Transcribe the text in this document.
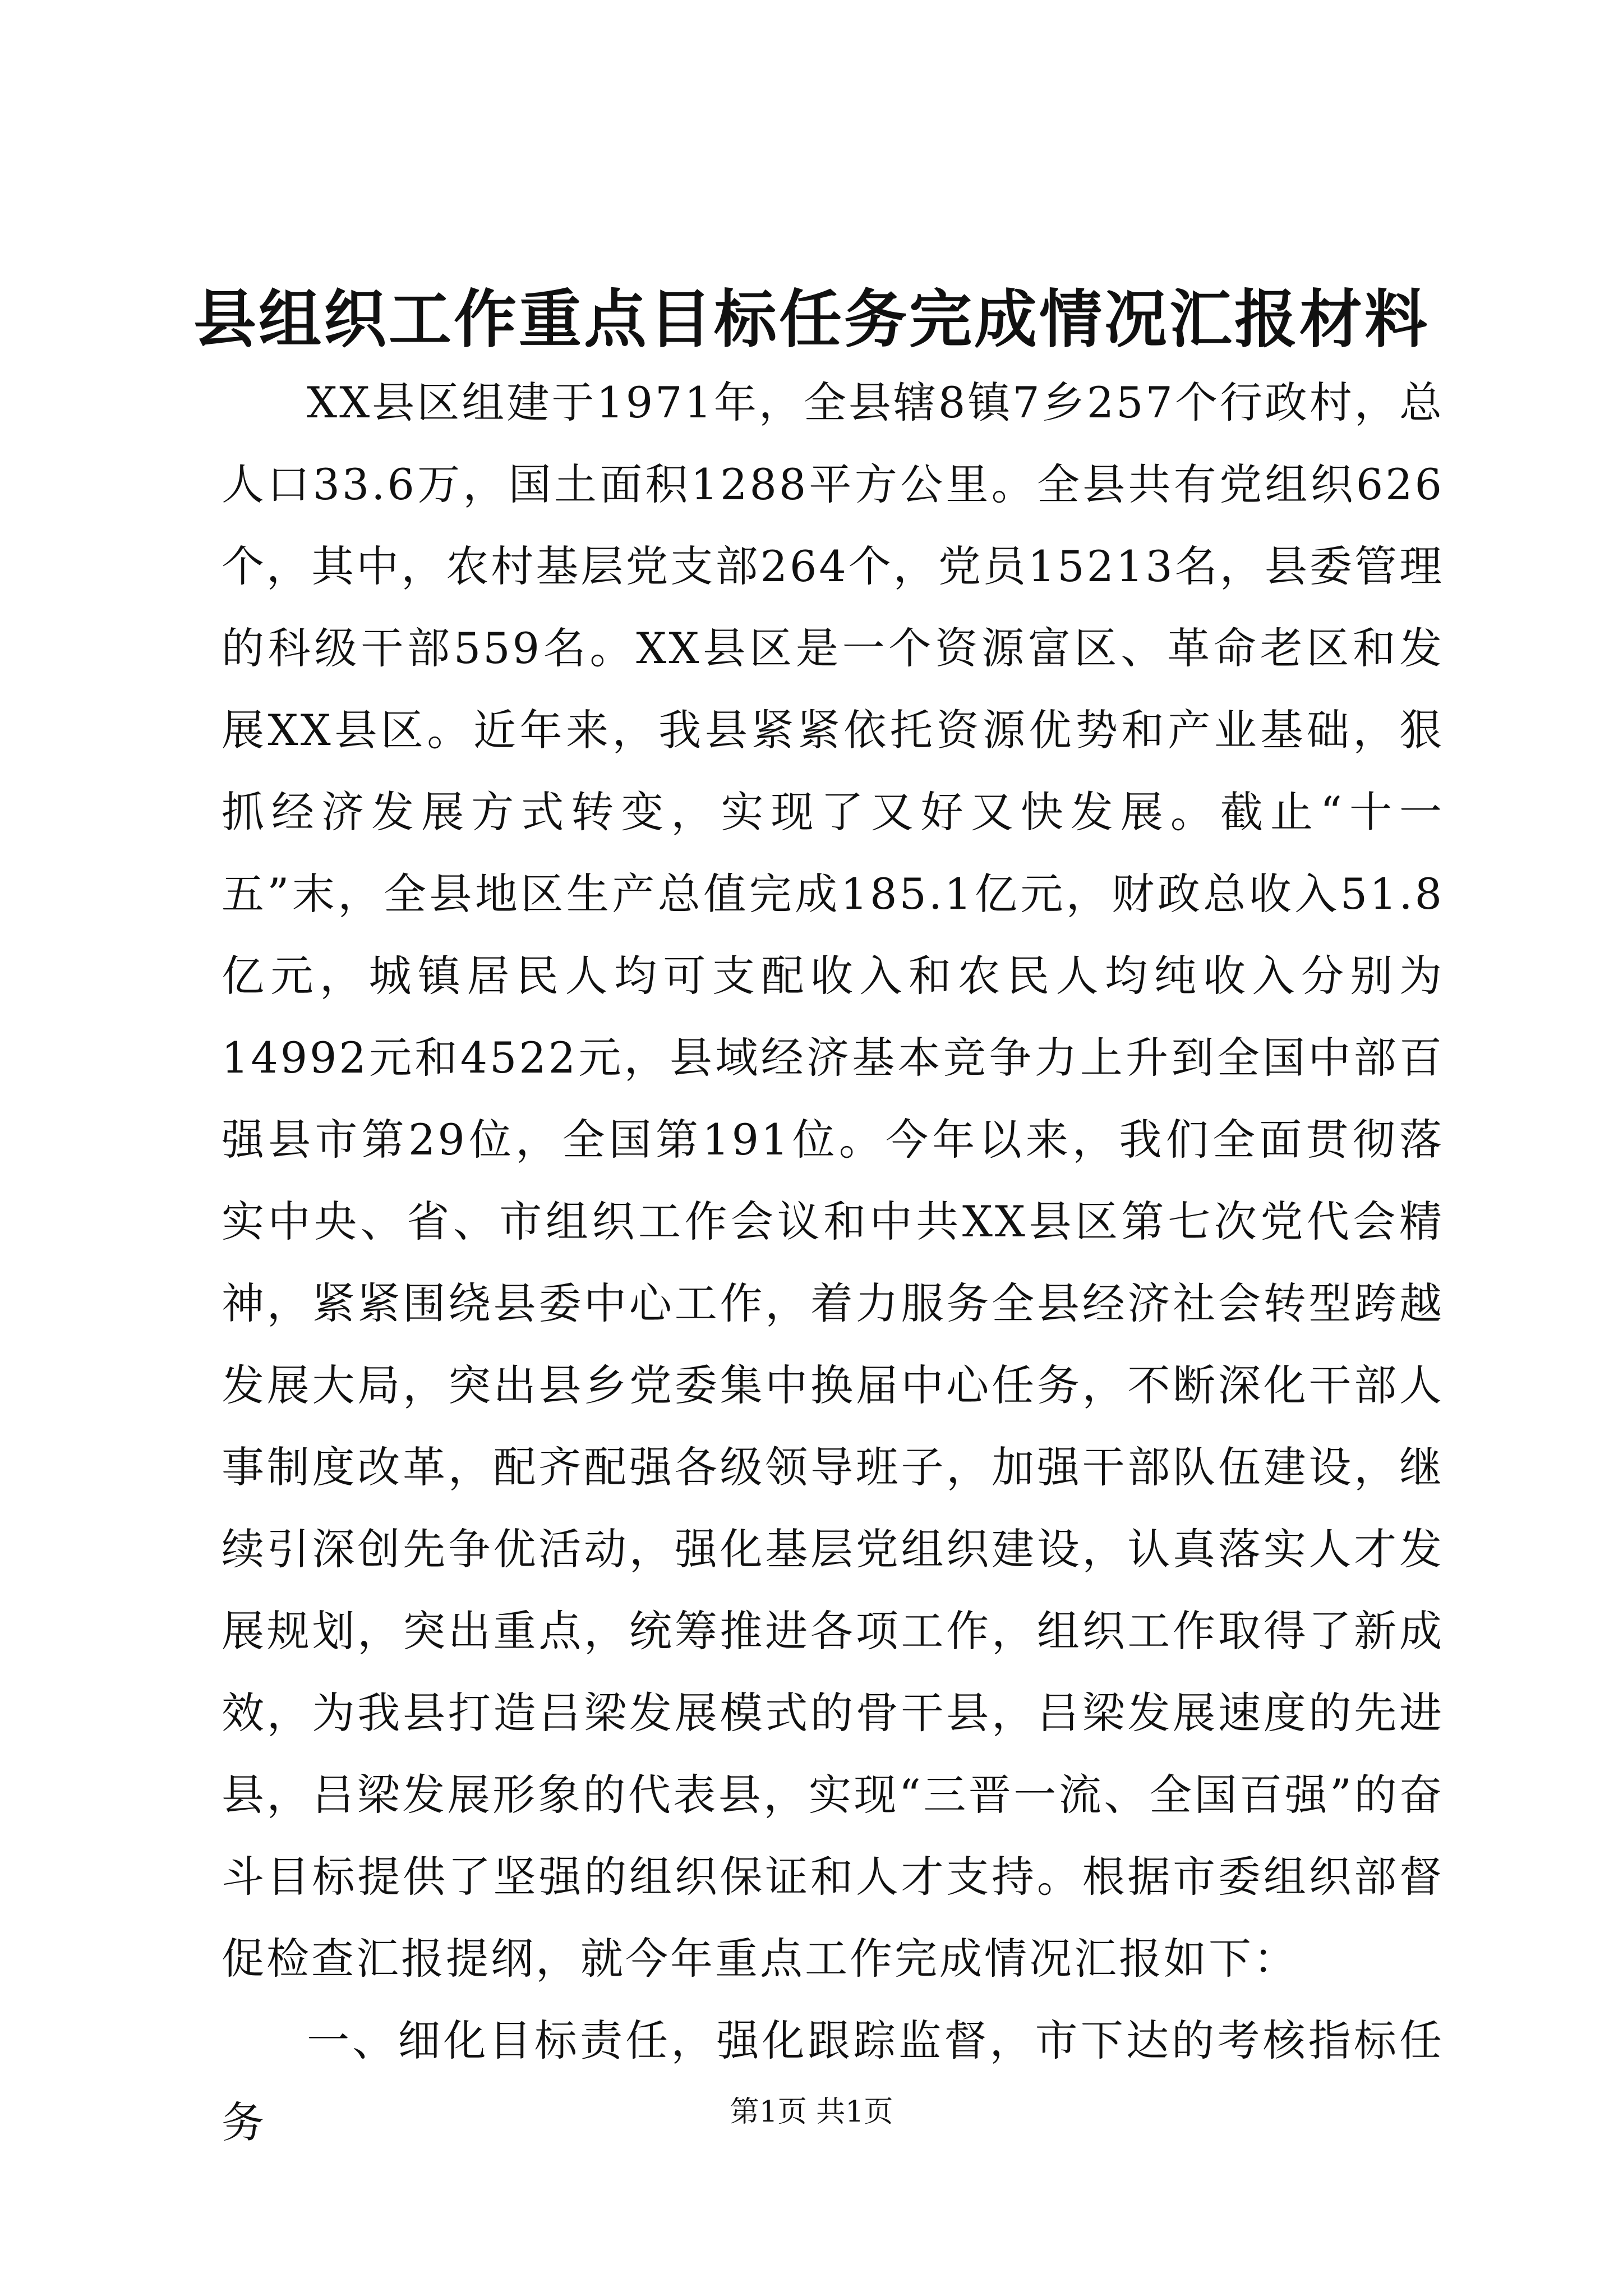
县组织工作重点目标任务完成情况汇报材料

XX县区组建于1971年，全县辖8镇7乡257个行政村，总人口33.6万，国土面积1288平方公里。全县共有党组织626个，其中，农村基层党支部264个，党员15213名，县委管理的科级干部559名。XX县区是一个资源富区、革命老区和发展XX县区。近年来，我县紧紧依托资源优势和产业基础，狠抓经济发展方式转变，实现了又好又快发展。截止“十一五”末，全县地区生产总值完成185.1亿元，财政总收入51.8亿元，城镇居民人均可支配收入和农民人均纯收入分别为14992元和4522元，县域经济基本竞争力上升到全国中部百强县市第29位，全国第191位。今年以来，我们全面贯彻落实中央、省、市组织工作会议和中共XX县区第七次党代会精神，紧紧围绕县委中心工作，着力服务全县经济社会转型跨越发展大局，突出县乡党委集中换届中心任务，不断深化干部人事制度改革，配齐配强各级领导班子，加强干部队伍建设，继续引深创先争优活动，强化基层党组织建设，认真落实人才发展规划，突出重点，统筹推进各项工作，组织工作取得了新成效，为我县打造吕梁发展模式的骨干县，吕梁发展速度的先进县，吕梁发展形象的代表县，实现“三晋一流、全国百强”的奋斗目标提供了坚强的组织保证和人才支持。根据市委组织部督促检查汇报提纲，就今年重点工作完成情况汇报如下：

一、细化目标责任，强化跟踪监督，市下达的考核指标任务	第1页 共1页
